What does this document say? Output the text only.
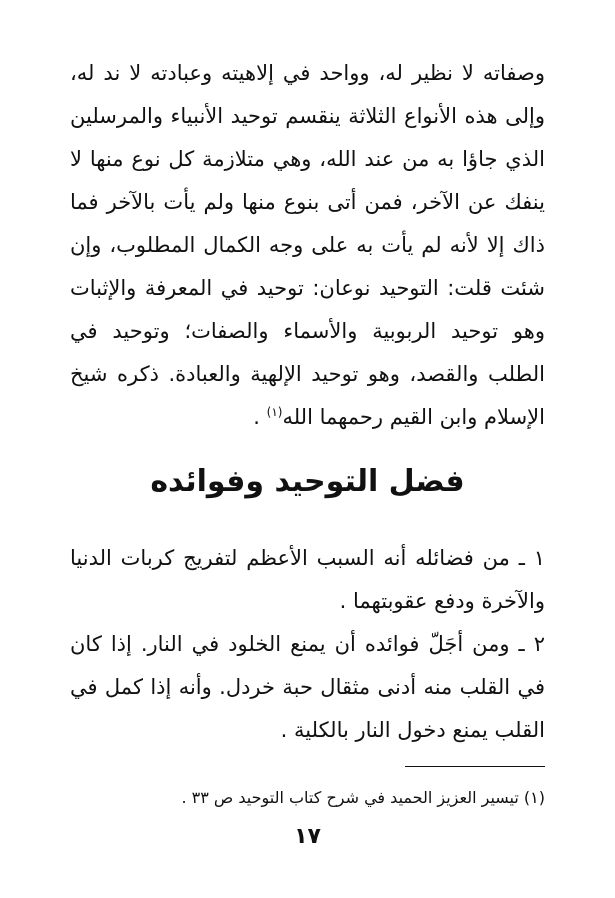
وصفاته لا نظير له، وواحد في إلاهيته وعبادته لا ند له،
وإلى هذه الأنواع الثلاثة ينقسم توحيد الأنبياء والمرسلين
الذي جاؤا به من عند الله، وهي متلازمة كل نوع منها لا
ينفك عن الآخر، فمن أتى بنوع منها ولم يأت بالآخر فما
ذاك إلا لأنه لم يأت به على وجه الكمال المطلوب، وإن
شئت قلت: التوحيد نوعان: توحيد في المعرفة والإثبات
وهو توحيد الربوبية والأسماء والصفات؛ وتوحيد في
الطلب والقصد، وهو توحيد الإلهية والعبادة. ذكره شيخ
الإسلام وابن القيم رحمهما الله$^{(١)}$ .
فضل التوحيد وفوائده
١ ـ من فضائله أنه السبب الأعظم لتفريج كربات الدنيا
والآخرة ودفع عقوبتهما .
٢ ـ ومن أجَلّ فوائده أن يمنع الخلود في النار. إذا كان
في القلب منه أدنى مثقال حبة خردل. وأنه إذا كمل في
القلب يمنع دخول النار بالكلية .
(١) تيسير العزيز الحميد في شرح كتاب التوحيد ص ٣٣ .
١٧
